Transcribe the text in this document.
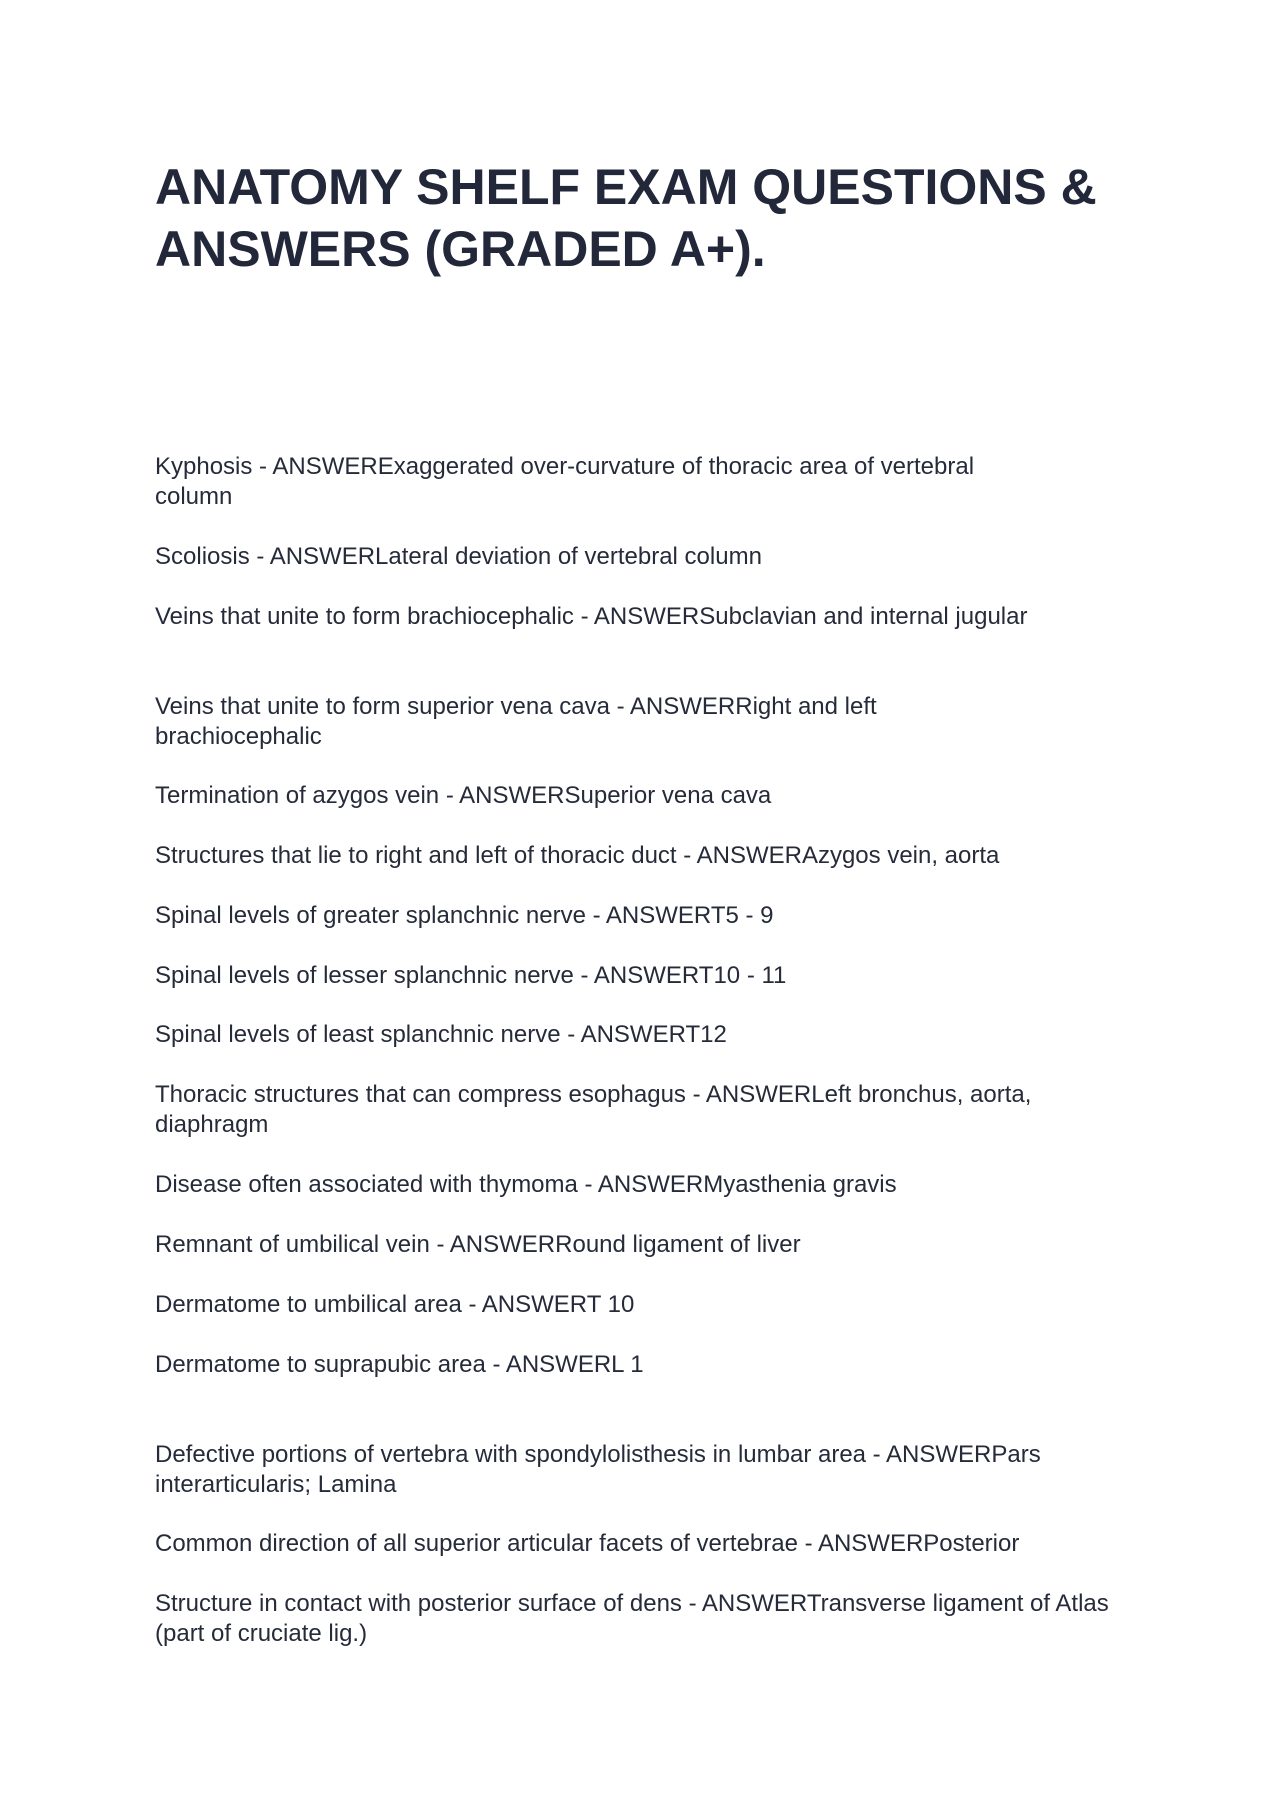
ANATOMY SHELF EXAM QUESTIONS & ANSWERS (GRADED A+).
Kyphosis - ANSWERExaggerated over-curvature of thoracic area of vertebral column
Scoliosis - ANSWERLateral deviation of vertebral column
Veins that unite to form brachiocephalic - ANSWERSubclavian and internal jugular
Veins that unite to form superior vena cava - ANSWERRight and left brachiocephalic
Termination of azygos vein - ANSWERSuperior vena cava
Structures that lie to right and left of thoracic duct - ANSWERAzygos vein, aorta
Spinal levels of greater splanchnic nerve - ANSWERT5 - 9
Spinal levels of lesser splanchnic nerve - ANSWERT10 - 11
Spinal levels of least splanchnic nerve - ANSWERT12
Thoracic structures that can compress esophagus - ANSWERLeft bronchus, aorta, diaphragm
Disease often associated with thymoma - ANSWERMyasthenia gravis
Remnant of umbilical vein - ANSWERRound ligament of liver
Dermatome to umbilical area - ANSWERT 10
Dermatome to suprapubic area - ANSWERL 1
Defective portions of vertebra with spondylolisthesis in lumbar area - ANSWERPars interarticularis; Lamina
Common direction of all superior articular facets of vertebrae - ANSWERPosterior
Structure in contact with posterior surface of dens - ANSWERTransverse ligament of Atlas (part of cruciate lig.)
